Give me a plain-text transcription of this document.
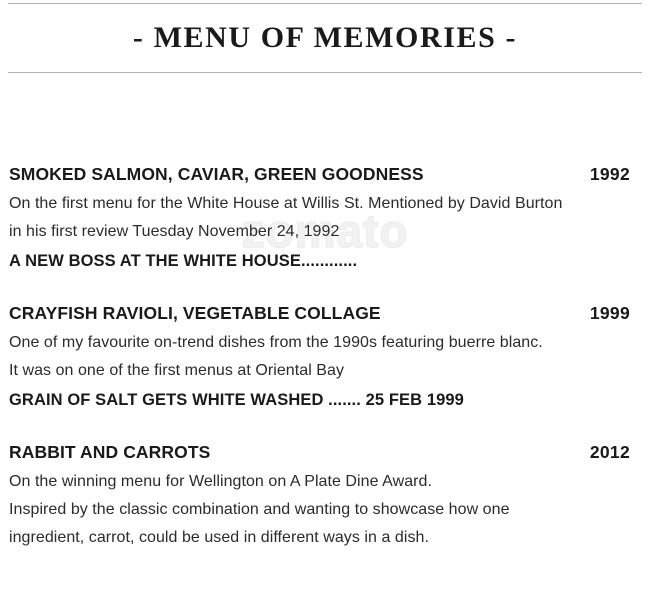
- MENU OF MEMORIES -
zomato
SMOKED SALMON, CAVIAR, GREEN GOODNESS	1992
On the first menu for the White House at Willis St. Mentioned by David Burton
in his first review Tuesday November 24, 1992
A NEW BOSS AT THE WHITE HOUSE............
CRAYFISH RAVIOLI, VEGETABLE COLLAGE	1999
One of my favourite on-trend dishes from the 1990s featuring buerre blanc.
It was on one of the first menus at Oriental Bay
GRAIN OF SALT GETS WHITE WASHED ....... 25 FEB 1999
RABBIT AND CARROTS	2012
On the winning menu for Wellington on A Plate Dine Award.
Inspired by the classic combination and wanting to showcase how one
ingredient, carrot, could be used in different ways in a dish.
